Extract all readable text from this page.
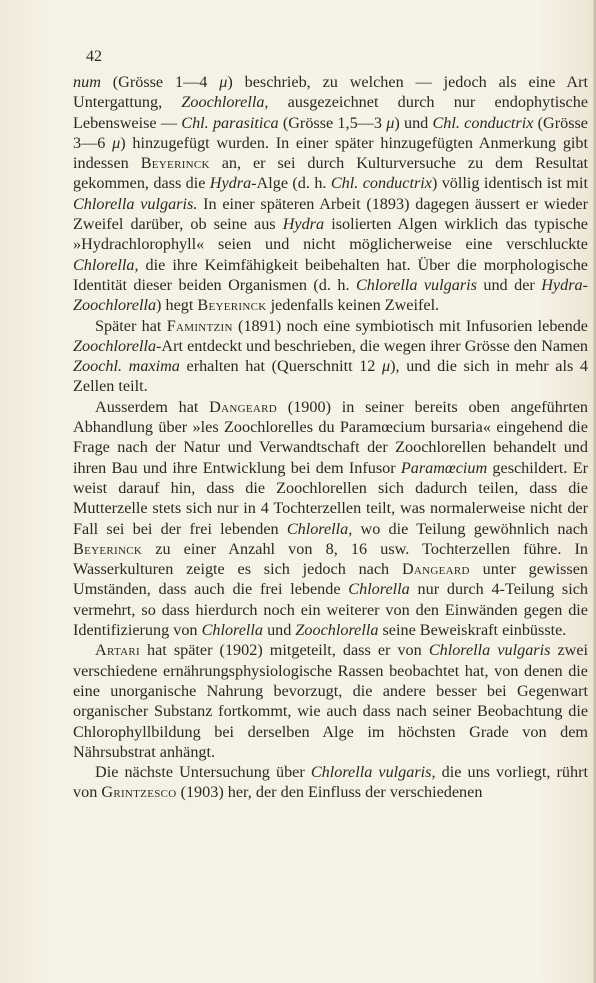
42

num (Grösse 1—4 μ) beschrieb, zu welchen — jedoch als eine Art Untergattung, Zoochlorella, ausgezeichnet durch nur endophytische Lebensweise — Chl. parasitica (Grösse 1,5—3 μ) und Chl. conductrix (Grösse 3—6 μ) hinzugefügt wurden. In einer später hinzugefügten Anmerkung gibt indessen Beyerinck an, er sei durch Kulturversuche zu dem Resultat gekommen, dass die Hydra-Alge (d. h. Chl. conductrix) völlig identisch ist mit Chlorella vulgaris. In einer späteren Arbeit (1893) dagegen äussert er wieder Zweifel darüber, ob seine aus Hydra isolierten Algen wirklich das typische »Hydrachlorophyll« seien und nicht möglicherweise eine verschluckte Chlorella, die ihre Keimfähigkeit beibehalten hat. Über die morphologische Identität dieser beiden Organismen (d. h. Chlorella vulgaris und der Hydra-Zoochlorella) hegt Beyerinck jedenfalls keinen Zweifel.

Später hat Famintzin (1891) noch eine symbiotisch mit Infusorien lebende Zoochlorella-Art entdeckt und beschrieben, die wegen ihrer Grösse den Namen Zoochl. maxima erhalten hat (Querschnitt 12 μ), und die sich in mehr als 4 Zellen teilt.

Ausserdem hat Dangeard (1900) in seiner bereits oben angeführten Abhandlung über »les Zoochlorelles du Paramœcium bursaria« eingehend die Frage nach der Natur und Verwandtschaft der Zoochlorellen behandelt und ihren Bau und ihre Entwicklung bei dem Infusor Paramœcium geschildert. Er weist darauf hin, dass die Zoochlorellen sich dadurch teilen, dass die Mutterzelle stets sich nur in 4 Tochterzellen teilt, was normalerweise nicht der Fall sei bei der frei lebenden Chlorella, wo die Teilung gewöhnlich nach Beyerinck zu einer Anzahl von 8, 16 usw. Tochterzellen führe. In Wasserkulturen zeigte es sich jedoch nach Dangeard unter gewissen Umständen, dass auch die frei lebende Chlorella nur durch 4-Teilung sich vermehrt, so dass hierdurch noch ein weiterer von den Einwänden gegen die Identifizierung von Chlorella und Zoochlorella seine Beweiskraft einbüsste.

Artari hat später (1902) mitgeteilt, dass er von Chlorella vulgaris zwei verschiedene ernährungsphysiologische Rassen beobachtet hat, von denen die eine unorganische Nahrung bevorzugt, die andere besser bei Gegenwart organischer Substanz fortkommt, wie auch dass nach seiner Beobachtung die Chlorophyllbildung bei derselben Alge im höchsten Grade von dem Nährsubstrat anhängt.

Die nächste Untersuchung über Chlorella vulgaris, die uns vorliegt, rührt von Grintzesco (1903) her, der den Einfluss der verschiedenen
